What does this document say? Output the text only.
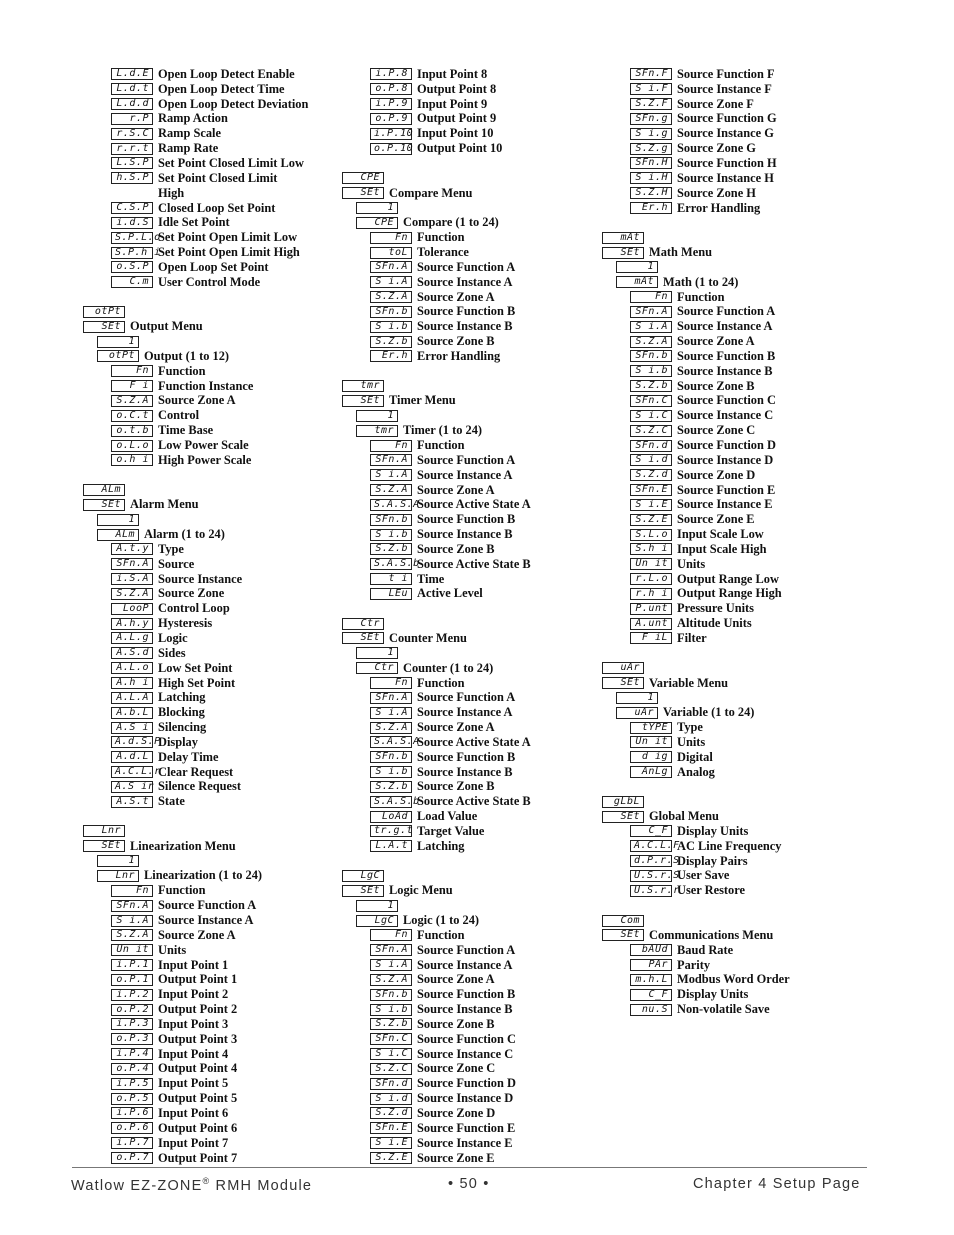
L.d.E Open Loop Detect Enable
L.d.t Open Loop Detect Time
L.d.d Open Loop Detect Deviation
r.P Ramp Action
r.S.C Ramp Scale
r.r.t Ramp Rate
L.S.P Set Point Closed Limit Low
h.S.P Set Point Closed Limit
High
C.S.P Closed Loop Set Point
i.d.S Idle Set Point
S.P.L.o
Set Point Open Limit Low
S.P.h i
Set Point Open Limit High
o.S.P Open Loop Set Point
C.m User Control Mode
otPt
SEt Output Menu
1
otPt Output (1 to 12)
Fn Function
F i Function Instance
S.Z.A Source Zone A
o.C.t Control
o.t.b Time Base
o.L.o Low Power Scale
o.h i High Power Scale
ALm
SEt Alarm Menu
1
ALm Alarm (1 to 24)
A.t.y Type
SFn.A Source
i.S.A Source Instance
S.Z.A Source Zone
LooP Control Loop
A.h.y Hysteresis
A.L.g Logic
A.S.d Sides
A.L.o Low Set Point
A.h i High Set Point
A.L.A Latching
A.b.L Blocking
A.S i Silencing
A.d.S.P
Display
A.d.L Delay Time
A.C.L.r
Clear Request
A.S ir Silence Request
A.S.t State
Lnr
SEt Linearization Menu
1
Lnr Linearization (1 to 24)
Fn Function
SFn.A Source Function A
S i.A Source Instance A
S.Z.A Source Zone A
Un it Units
i.P.1 Input Point 1
o.P.1 Output Point 1
i.P.2 Input Point 2
o.P.2 Output Point 2
i.P.3 Input Point 3
o.P.3 Output Point 3
i.P.4 Input Point 4
o.P.4 Output Point 4
i.P.5 Input Point 5
o.P.5 Output Point 5
i.P.6 Input Point 6
o.P.6 Output Point 6
i.P.7 Input Point 7
o.P.7 Output Point 7
i.P.8 Input Point 8
o.P.8 Output Point 8
i.P.9 Input Point 9
o.P.9 Output Point 9
i.P.10 Input Point 10
o.P.10 Output Point 10
CPE
SEt Compare Menu
1
CPE Compare (1 to 24)
Fn Function
toL Tolerance
SFn.A Source Function A
S i.A Source Instance A
S.Z.A Source Zone A
SFn.b Source Function B
S i.b Source Instance B
S.Z.b Source Zone B
Er.h Error Handling
tmr
SEt Timer Menu
1
tmr Timer (1 to 24)
Fn Function
SFn.A Source Function A
S i.A Source Instance A
S.Z.A Source Zone A
S.A.S.A
Source Active State A
SFn.b Source Function B
S i.b Source Instance B
S.Z.b Source Zone B
S.A.S.b
Source Active State B
t i Time
LEu Active Level
Ctr
SEt Counter Menu
1
Ctr Counter (1 to 24)
Fn Function
SFn.A Source Function A
S i.A Source Instance A
S.Z.A Source Zone A
S.A.S.A
Source Active State A
SFn.b Source Function B
S i.b Source Instance B
S.Z.b Source Zone B
S.A.S.b
Source Active State B
LoAd Load Value
tr.g.t Target Value
L.A.t Latching
LgC
SEt Logic Menu
1
LgC Logic (1 to 24)
Fn Function
SFn.A Source Function A
S i.A Source Instance A
S.Z.A Source Zone A
SFn.b Source Function B
S i.b Source Instance B
S.Z.b Source Zone B
SFn.C Source Function C
S i.C Source Instance C
S.Z.C Source Zone C
SFn.d Source Function D
S i.d Source Instance D
S.Z.d Source Zone D
SFn.E Source Function E
S i.E Source Instance E
S.Z.E Source Zone E
SFn.F Source Function F
S i.F Source Instance F
S.Z.F Source Zone F
SFn.g Source Function G
S i.g Source Instance G
S.Z.g Source Zone G
SFn.H Source Function H
S i.H Source Instance H
S.Z.H Source Zone H
Er.h Error Handling
mAt
SEt Math Menu
1
mAt Math (1 to 24)
Fn Function
SFn.A Source Function A
S i.A Source Instance A
S.Z.A Source Zone A
SFn.b Source Function B
S i.b Source Instance B
S.Z.b Source Zone B
SFn.C Source Function C
S i.C Source Instance C
S.Z.C Source Zone C
SFn.d Source Function D
S i.d Source Instance D
S.Z.d Source Zone D
SFn.E Source Function E
S i.E Source Instance E
S.Z.E Source Zone E
S.L.o Input Scale Low
S.h i Input Scale High
Un it Units
r.L.o Output Range Low
r.h i Output Range High
P.unt Pressure Units
A.unt Altitude Units
F iL Filter
uAr
SEt Variable Menu
1
uAr Variable (1 to 24)
tYPE Type
Un it Units
d ig Digital
AnLg Analog
gLbL
SEt Global Menu
C_F Display Units
A.C.L.F
AC Line Frequency
d.P.r.S
Display Pairs
U.S.r.S
User Save
U.S.r.r
User Restore
Com
SEt Communications Menu
bAUd Baud Rate
PAr Parity
m.h.L Modbus Word Order
C_F Display Units
nu.S Non-volatile Save
Watlow EZ-ZONE® RMH Module	• 50 •	Chapter 4 Setup Page
